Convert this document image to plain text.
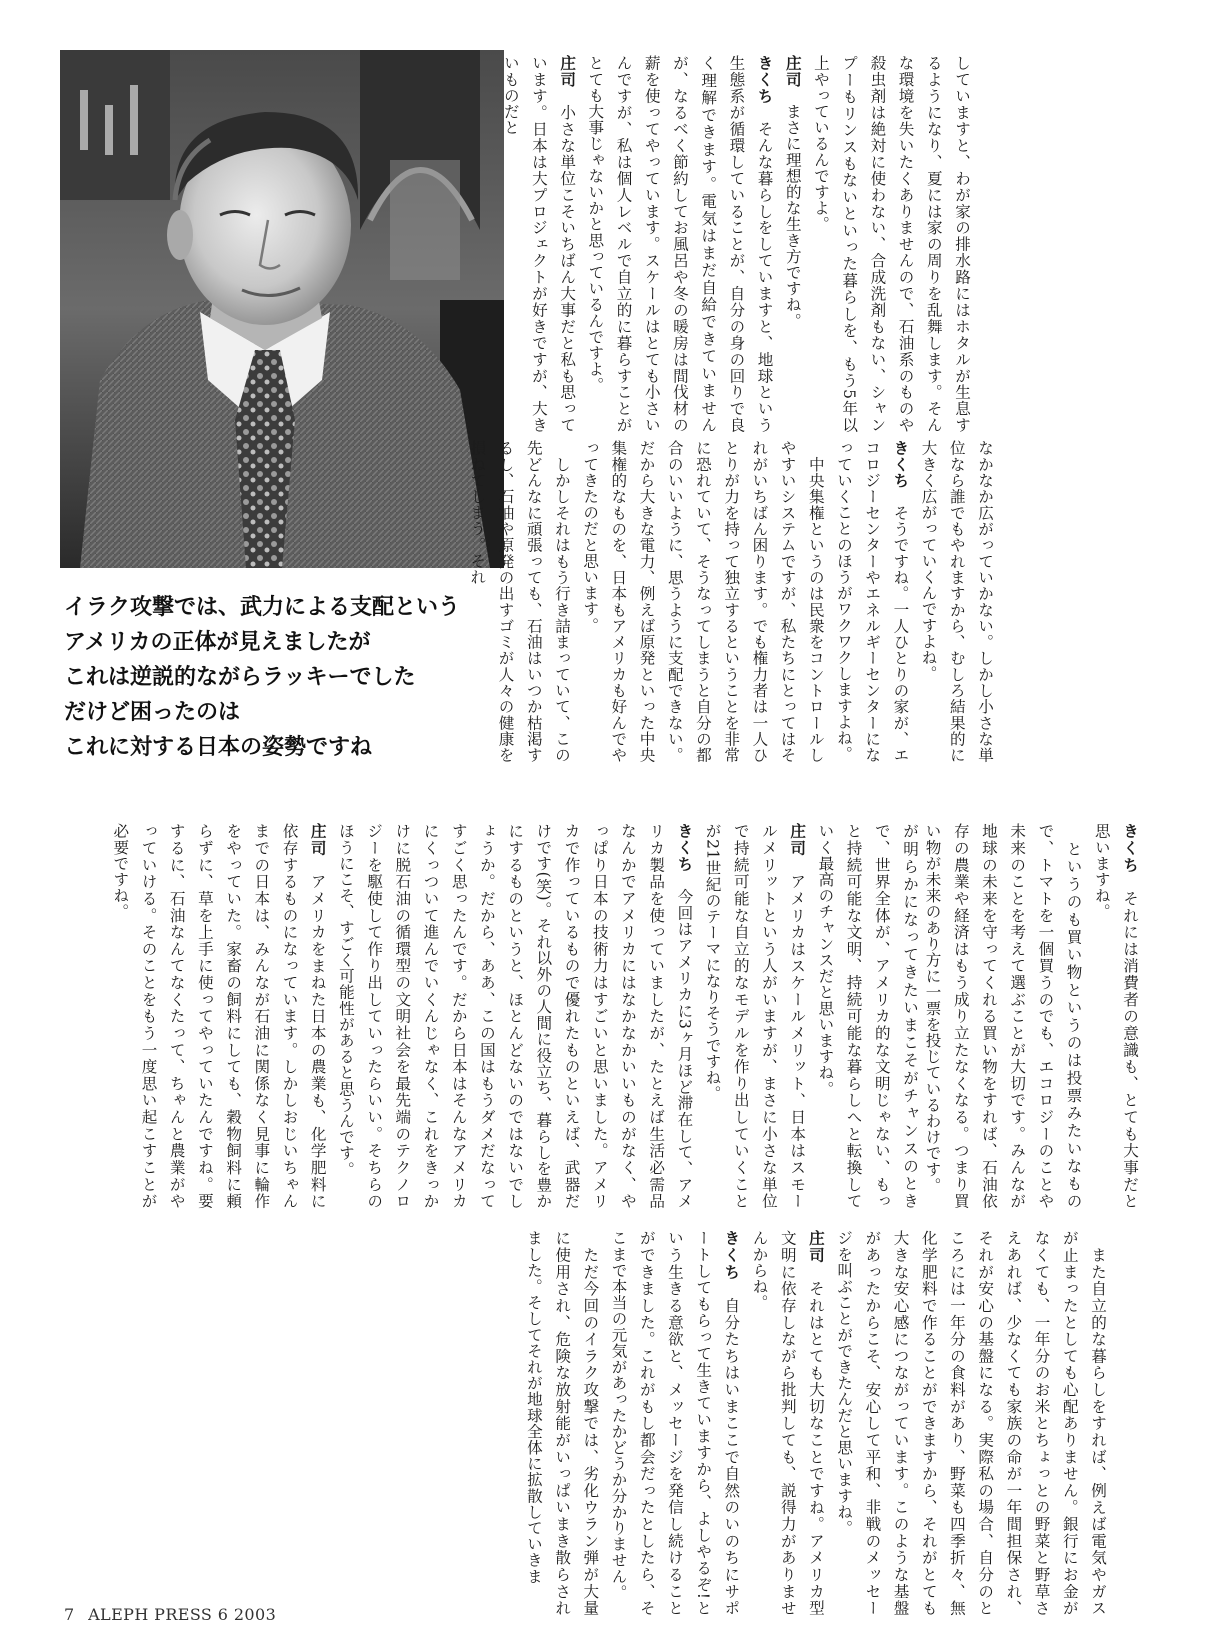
イラク攻撃では、武力による支配という
アメリカの正体が見えましたが
これは逆説的ながらラッキーでした
だけど困ったのは
これに対する日本の姿勢ですね

していますと、わが家の排水路にはホタルが生息するようになり、夏には家の周りを乱舞します。そんな環境を失いたくありませんので、石油系のものや殺虫剤は絶対に使わない、合成洗剤もない、シャンプーもリンスもないといった暮らしを、もう5年以上やっているんですよ。

庄司　まさに理想的な生き方ですね。

きくち　そんな暮らしをしていますと、地球という生態系が循環していることが、自分の身の回りで良く理解できます。電気はまだ自給できていませんが、なるべく節約してお風呂や冬の暖房は間伐材の薪を使ってやっています。スケールはとても小さいんですが、私は個人レベルで自立的に暮らすことがとても大事じゃないかと思っているんですよ。

庄司　小さな単位こそいちばん大事だと私も思っています。日本は大プロジェクトが好きですが、大きいものだと

なかなか広がっていかない。しかし小さな単位なら誰でもやれますから、むしろ結果的に大きく広がっていくんですよね。

きくち　そうですね。一人ひとりの家が、エコロジーセンターやエネルギーセンターになっていくことのほうがワクワクしますよね。

　中央集権というのは民衆をコントロールしやすいシステムですが、私たちにとってはそれがいちばん困ります。でも権力者は一人ひとりが力を持って独立するということを非常に恐れていて、そうなってしまうと自分の都合のいいように、思うように支配できない。だから大きな電力、例えば原発といった中央集権的なものを、日本もアメリカも好んでやってきたのだと思います。

　しかしそれはもう行き詰まっていて、この先どんなに頑張っても、石油はいつか枯渇するし、石油や原発の出すゴミが人々の健康を損ねてしまう。それ

が明らかになってきたいまこそがチャンスのときで、世界全体が、アメリカ的な文明じゃない、もっと持続可能な文明、持続可能な暮らしへと転換していく最高のチャンスだと思いますね。

庄司　アメリカはスケールメリット、日本はスモールメリットという人がいますが、まさに小さな単位で持続可能な自立的なモデルを作り出していくことが21世紀のテーマになりそうですね。

きくち　今回はアメリカに3ヶ月ほど滞在して、アメリカ製品を使っていましたが、たとえば生活必需品なんかでアメリカにはなかなかいいものがなく、やっぱり日本の技術力はすごいと思いました。アメリカで作っているもので優れたものといえば、武器だけです(笑)。それ以外の人間に役立ち、暮らしを豊かにするものというと、ほとんどないのではないでしょうか。だから、ああ、この国はもうダメだなってすごく思ったんです。だから日本はそんなアメリカにくっついて進んでいくんじゃなく、これをきっかけに脱石油の循環型の文明社会を最先端のテクノロジーを駆使して作り出していったらいい。そちらのほうにこそ、すごく可能性があると思うんです。

庄司　アメリカをまねた日本の農業も、化学肥料に依存するものになっています。しかしおじいちゃんまでの日本は、みんなが石油に関係なく見事に輪作をやっていた。家畜の飼料にしても、穀物飼料に頼らずに、草を上手に使ってやっていたんですね。要するに、石油なんてなくたって、ちゃんと農業がやっていける。そのことをもう一度思い起こすことが必要ですね。	きくち　それには消費者の意識も、とても大事だと思いますね。

　というのも買い物というのは投票みたいなもので、トマトを一個買うのでも、エコロジーのことや未来のことを考えて選ぶことが大切です。みんなが地球の未来を守ってくれる買い物をすれば、石油依存の農業や経済はもう成り立たなくなる。つまり買い物が未来のあり方に一票を投じているわけです。

　また自立的な暮らしをすれば、例えば電気やガスが止まったとしても心配ありません。銀行にお金がなくても、一年分のお米とちょっとの野菜と野草さえあれば、少なくても家族の命が一年間担保され、それが安心の基盤になる。実際私の場合、自分のところには一年分の食料があり、野菜も四季折々、無化学肥料で作ることができますから、それがとても大きな安心感につながっています。このような基盤があったからこそ、安心して平和、非戦のメッセージを叫ぶことができたんだと思いますね。

庄司　それはとても大切なことですね。アメリカ型文明に依存しながら批判しても、説得力がありませんからね。

きくち　自分たちはいまここで自然のいのちにサポートしてもらって生きていますから、よしやるぞ!という生きる意欲と、メッセージを発信し続けることができました。これがもし都会だったとしたら、そこまで本当の元気があったかどうか分かりません。

　ただ今回のイラク攻撃では、劣化ウラン弾が大量に使用され、危険な放射能がいっぱいまき散らされました。そしてそれが地球全体に拡散していきま

7 ALEPH PRESS 6 2003
